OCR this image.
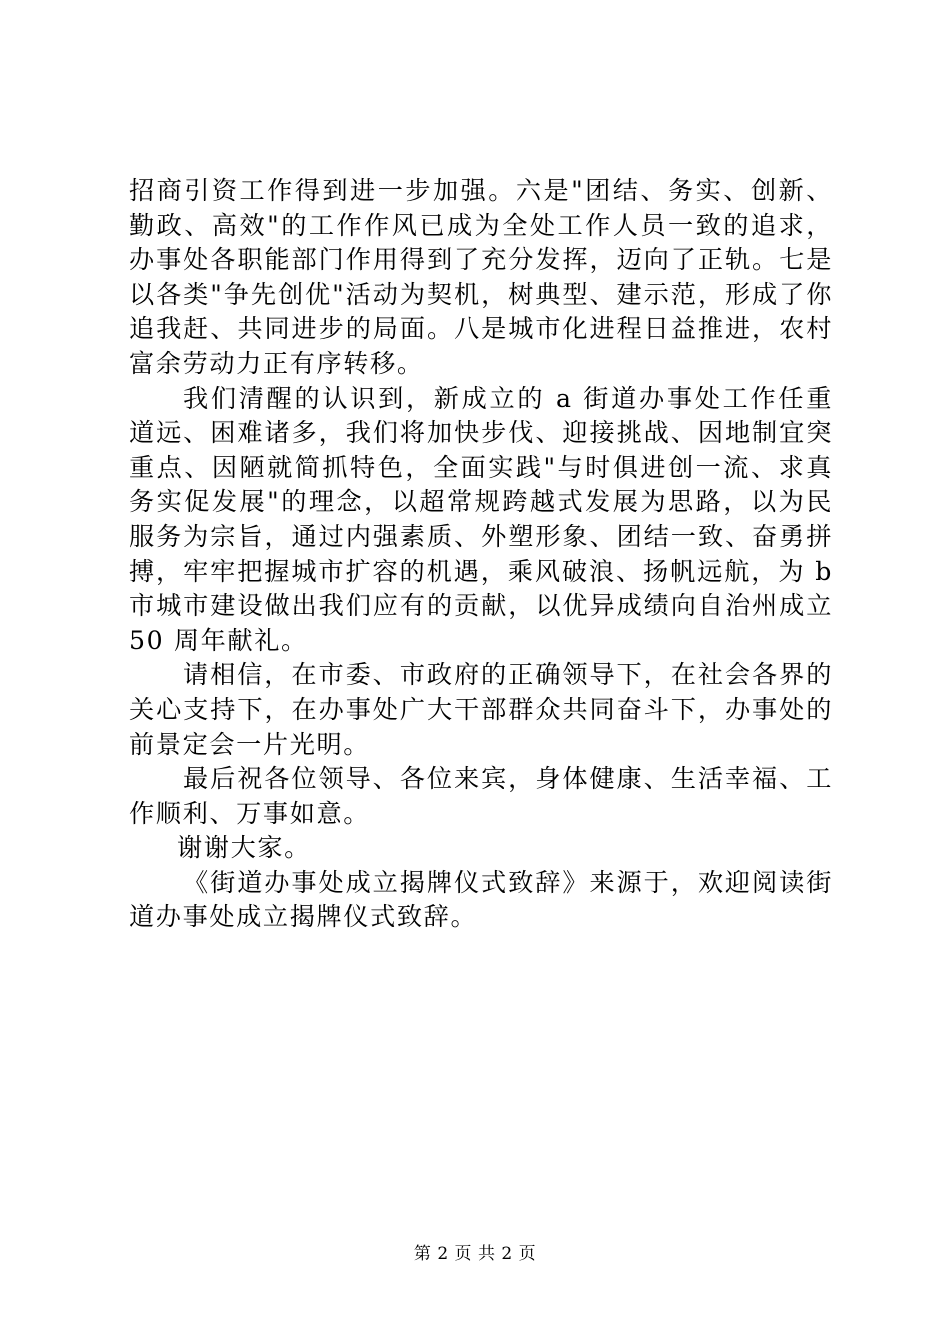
招商引资工作得到进一步加强。六是"团结、务实、创新、勤政、高效"的工作作风已成为全处工作人员一致的追求，办事处各职能部门作用得到了充分发挥，迈向了正轨。七是以各类"争先创优"活动为契机，树典型、建示范，形成了你追我赶、共同进步的局面。八是城市化进程日益推进，农村富余劳动力正有序转移。

我们清醒的认识到，新成立的 a 街道办事处工作任重道远、困难诸多，我们将加快步伐、迎接挑战、因地制宜突重点、因陋就简抓特色，全面实践"与时俱进创一流、求真务实促发展"的理念，以超常规跨越式发展为思路，以为民服务为宗旨，通过内强素质、外塑形象、团结一致、奋勇拼搏，牢牢把握城市扩容的机遇，乘风破浪、扬帆远航，为 b 市城市建设做出我们应有的贡献，以优异成绩向自治州成立 50 周年献礼。

请相信，在市委、市政府的正确领导下，在社会各界的关心支持下，在办事处广大干部群众共同奋斗下，办事处的前景定会一片光明。

最后祝各位领导、各位来宾，身体健康、生活幸福、工作顺利、万事如意。

谢谢大家。

《街道办事处成立揭牌仪式致辞》来源于，欢迎阅读街道办事处成立揭牌仪式致辞。

第 2 页 共 2 页
